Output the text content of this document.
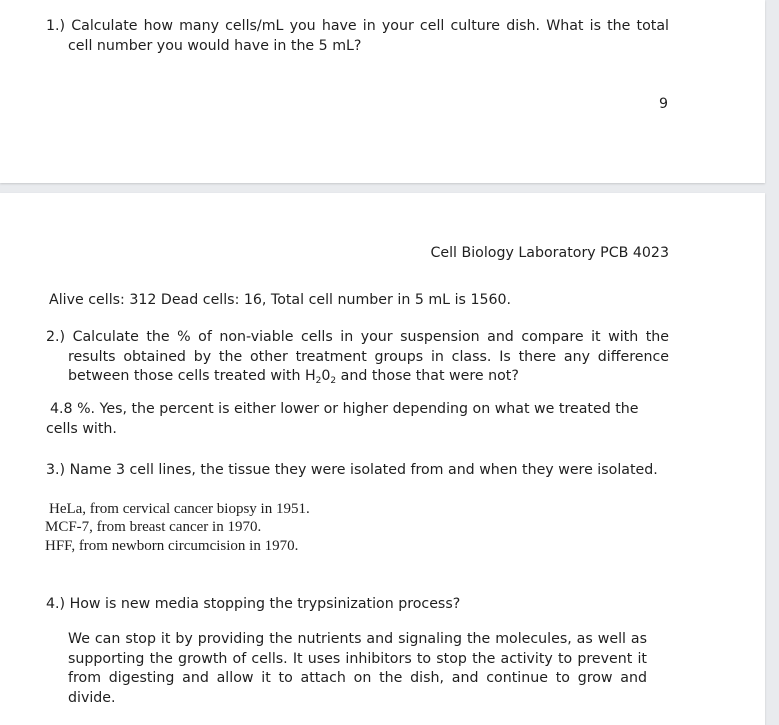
1.) Calculate how many cells/mL you have in your cell culture dish. What is the total cell number you would have in the 5 mL?
9
Cell Biology Laboratory PCB 4023
Alive cells: 312 Dead cells: 16, Total cell number in 5 mL is 1560.
2.) Calculate the % of non-viable cells in your suspension and compare it with the results obtained by the other treatment groups in class. Is there any difference between those cells treated with $H_20_2$ and those that were not?
4.8 %. Yes, the percent is either lower or higher depending on what we treated the cells with.
3.) Name 3 cell lines, the tissue they were isolated from and when they were isolated.
HeLa, from cervical cancer biopsy in 1951.
MCF-7, from breast cancer in 1970.
HFF, from newborn circumcision in 1970.
4.) How is new media stopping the trypsinization process?
We can stop it by providing the nutrients and signaling the molecules, as well as supporting the growth of cells. It uses inhibitors to stop the activity to prevent it from digesting and allow it to attach on the dish, and continue to grow and divide.
